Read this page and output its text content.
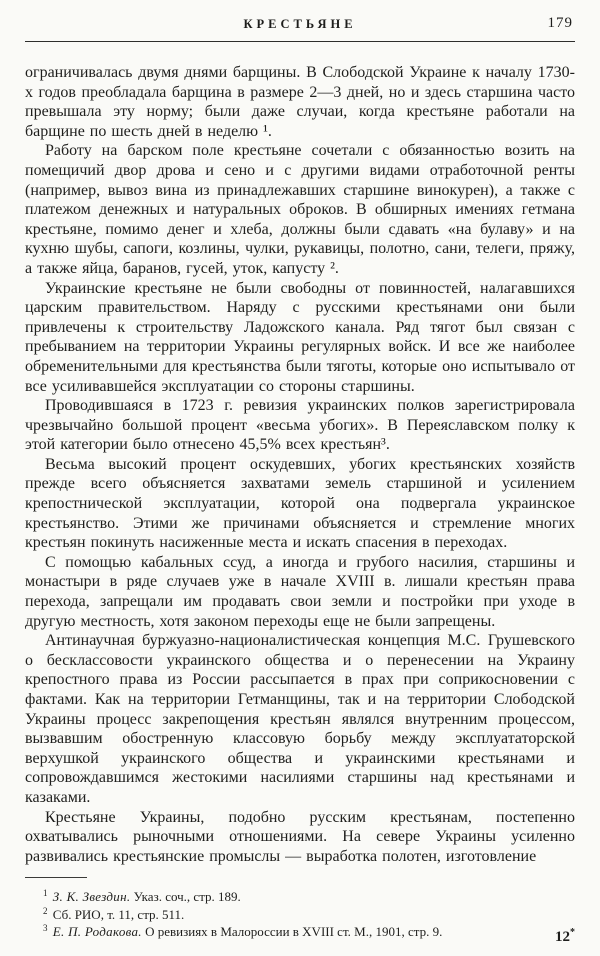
КРЕСТЬЯНЕ	179

ограничивалась двумя днями барщины. В Слободской Украине к началу 1730-х годов преобладала барщина в размере 2—3 дней, но и здесь старшина часто превышала эту норму; были даже случаи, когда крестьяне работали на барщине по шесть дней в неделю ¹.

Работу на барском поле крестьяне сочетали с обязанностью возить на помещичий двор дрова и сено и с другими видами отработочной ренты (например, вывоз вина из принадлежавших старшине винокурен), а также с платежом денежных и натуральных оброков. В обширных имениях гетмана крестьяне, помимо денег и хлеба, должны были сдавать «на булаву» и на кухню шубы, сапоги, козлины, чулки, рукавицы, полотно, сани, телеги, пряжу, а также яйца, баранов, гусей, уток, капусту ².

Украинские крестьяне не были свободны от повинностей, налагавшихся царским правительством. Наряду с русскими крестьянами они были привлечены к строительству Ладожского канала. Ряд тягот был связан с пребыванием на территории Украины регулярных войск. И все же наиболее обременительными для крестьянства были тяготы, которые оно испытывало от все усиливавшейся эксплуатации со стороны старшины.

Проводившаяся в 1723 г. ревизия украинских полков зарегистрировала чрезвычайно большой процент «весьма убогих». В Переяславском полку к этой категории было отнесено 45,5% всех крестьян³.

Весьма высокий процент оскудевших, убогих крестьянских хозяйств прежде всего объясняется захватами земель старшиной и усилением крепостнической эксплуатации, которой она подвергала украинское крестьянство. Этими же причинами объясняется и стремление многих крестьян покинуть насиженные места и искать спасения в переходах.

С помощью кабальных ссуд, а иногда и грубого насилия, старшины и монастыри в ряде случаев уже в начале XVIII в. лишали крестьян права перехода, запрещали им продавать свои земли и постройки при уходе в другую местность, хотя законом переходы еще не были запрещены.

Антинаучная буржуазно-националистическая концепция М.С. Грушевского о бесклассовости украинского общества и о перенесении на Украину крепостного права из России рассыпается в прах при соприкосновении с фактами. Как на территории Гетманщины, так и на территории Слободской Украины процесс закрепощения крестьян являлся внутренним процессом, вызвавшим обостренную классовую борьбу между эксплуататорской верхушкой украинского общества и украинскими крестьянами и сопровождавшимся жестокими насилиями старшины над крестьянами и казаками.

Крестьяне Украины, подобно русским крестьянам, постепенно охватывались рыночными отношениями. На севере Украины усиленно развивались крестьянские промыслы — выработка полотен, изготовление

$^1$ З. К. Звездин. Указ. соч., стр. 189.
$^2$ Сб. РИО, т. 11, стр. 511.
$^3$ Е. П. Родакова. О ревизиях в Малороссии в XVIII ст. М., 1901, стр. 9.	12*
